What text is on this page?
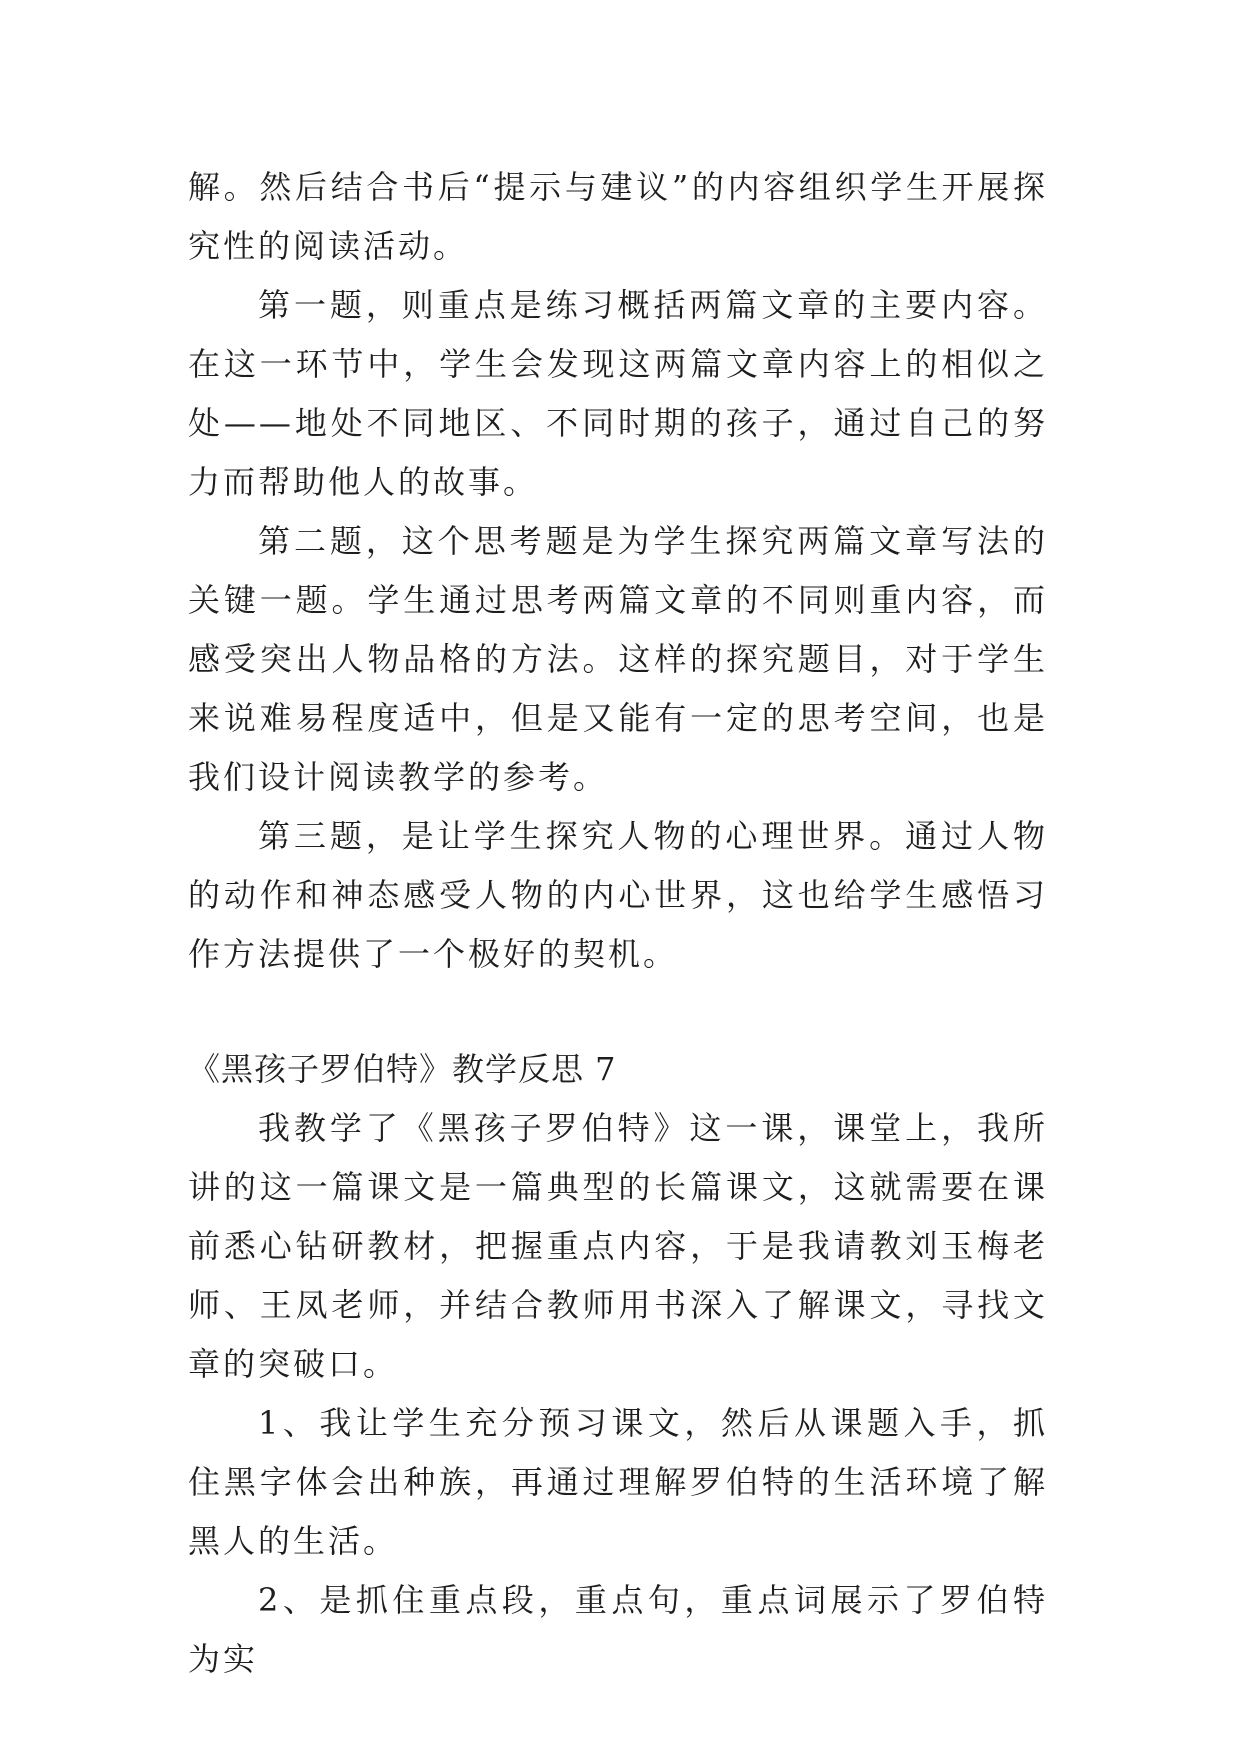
解。然后结合书后“提示与建议”的内容组织学生开展探究性的阅读活动。

第一题，则重点是练习概括两篇文章的主要内容。在这一环节中，学生会发现这两篇文章内容上的相似之处——地处不同地区、不同时期的孩子，通过自己的努力而帮助他人的故事。

第二题，这个思考题是为学生探究两篇文章写法的关键一题。学生通过思考两篇文章的不同则重内容，而感受突出人物品格的方法。这样的探究题目，对于学生来说难易程度适中，但是又能有一定的思考空间，也是我们设计阅读教学的参考。

第三题，是让学生探究人物的心理世界。通过人物的动作和神态感受人物的内心世界，这也给学生感悟习作方法提供了一个极好的契机。

《黑孩子罗伯特》教学反思 7

我教学了《黑孩子罗伯特》这一课，课堂上，我所讲的这一篇课文是一篇典型的长篇课文，这就需要在课前悉心钻研教材，把握重点内容，于是我请教刘玉梅老师、王凤老师，并结合教师用书深入了解课文，寻找文章的突破口。

1、我让学生充分预习课文，然后从课题入手，抓住黑字体会出种族，再通过理解罗伯特的生活环境了解黑人的生活。

2、是抓住重点段，重点句，重点词展示了罗伯特为实
